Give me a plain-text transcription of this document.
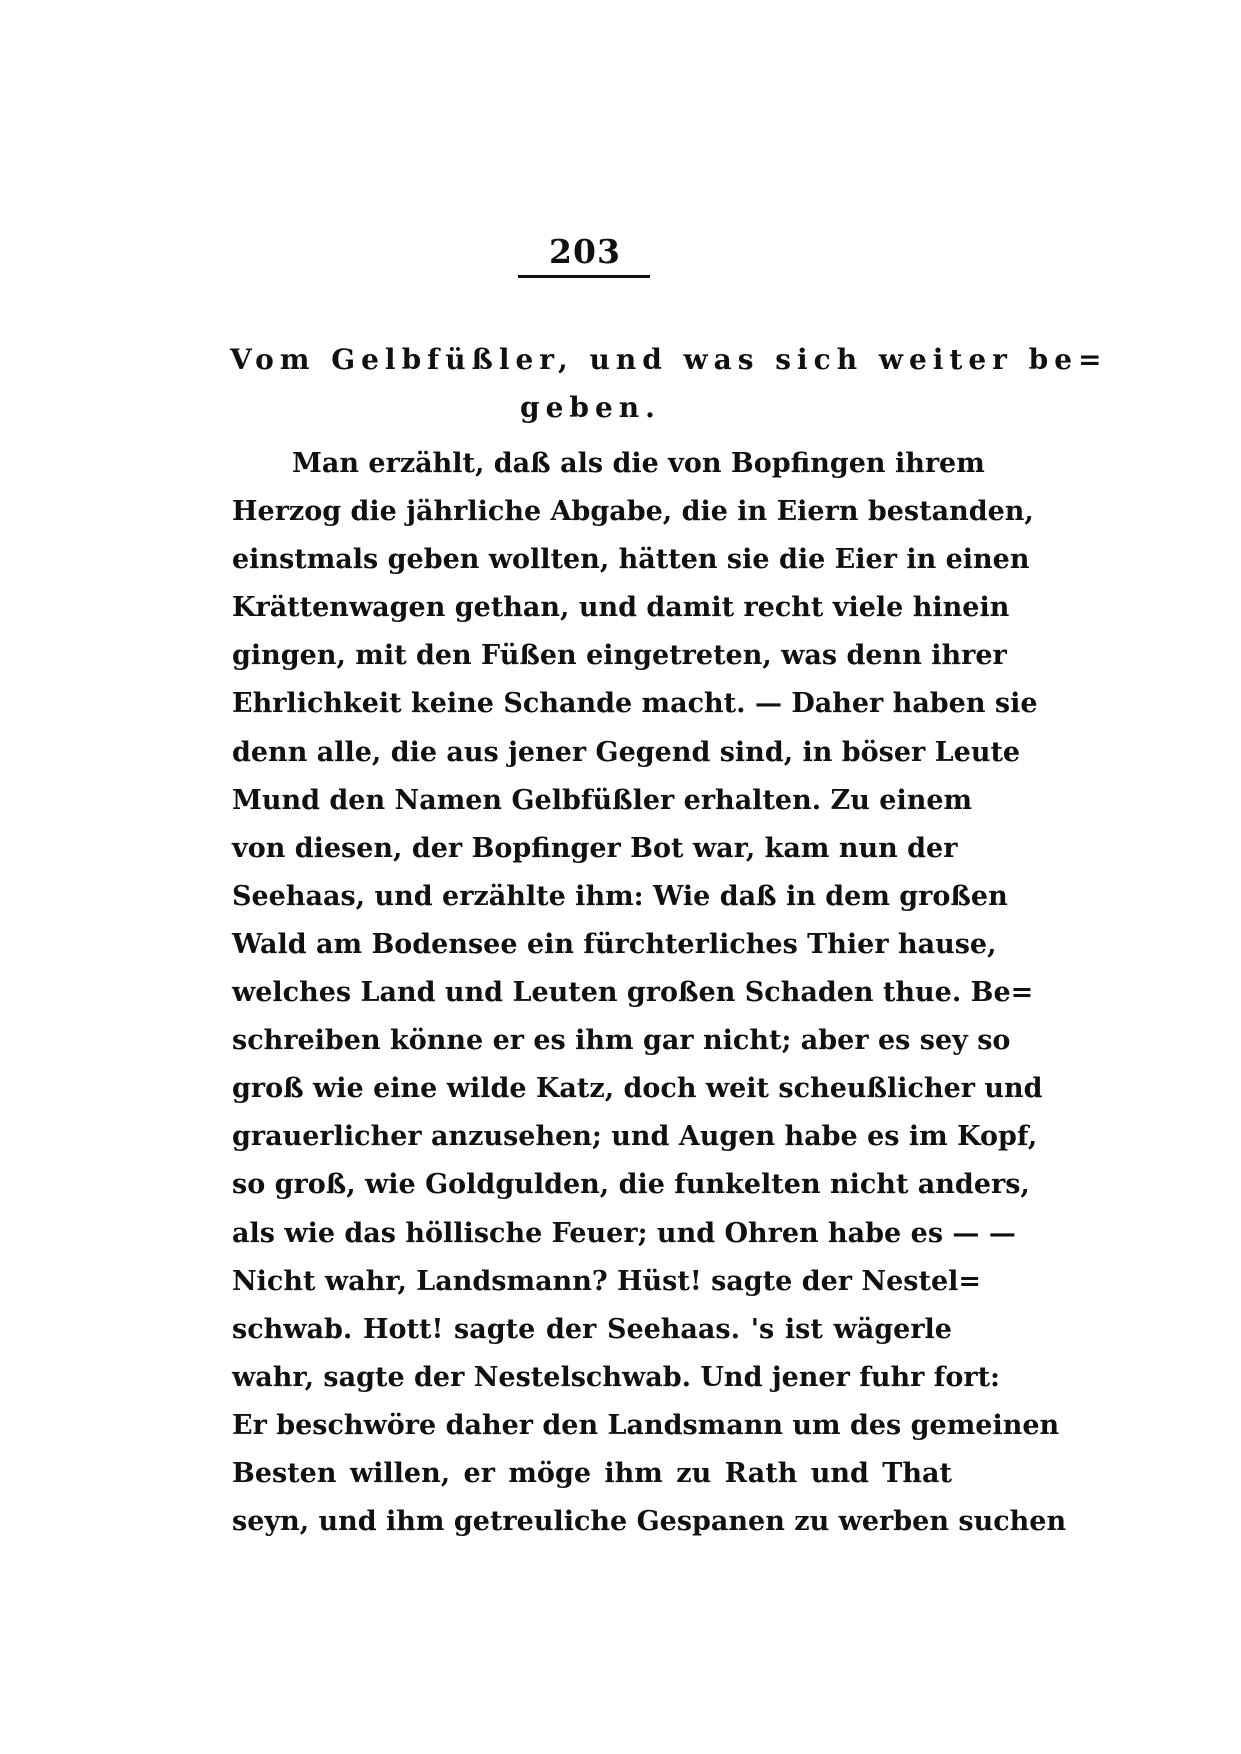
203
Vom Gelbfüßler, und was sich weiter be=
geben.
Man erzählt, daß als die von Bopfingen ihrem
Herzog die jährliche Abgabe, die in Eiern bestanden,
einstmals geben wollten, hätten sie die Eier in einen
Krättenwagen gethan, und damit recht viele hinein
gingen, mit den Füßen eingetreten, was denn ihrer
Ehrlichkeit keine Schande macht. — Daher haben sie
denn alle, die aus jener Gegend sind, in böser Leute
Mund den Namen Gelbfüßler erhalten. Zu einem
von diesen, der Bopfinger Bot war, kam nun der
Seehaas, und erzählte ihm: Wie daß in dem großen
Wald am Bodensee ein fürchterliches Thier hause,
welches Land und Leuten großen Schaden thue. Be=
schreiben könne er es ihm gar nicht; aber es sey so
groß wie eine wilde Katz, doch weit scheußlicher und
grauerlicher anzusehen; und Augen habe es im Kopf,
so groß, wie Goldgulden, die funkelten nicht anders,
als wie das höllische Feuer; und Ohren habe es — —
Nicht wahr, Landsmann? Hüst! sagte der Nestel=
schwab. Hott! sagte der Seehaas. 's ist wägerle
wahr, sagte der Nestelschwab. Und jener fuhr fort:
Er beschwöre daher den Landsmann um des gemeinen
Besten willen, er möge ihm zu Rath und That
seyn, und ihm getreuliche Gespanen zu werben suchen
